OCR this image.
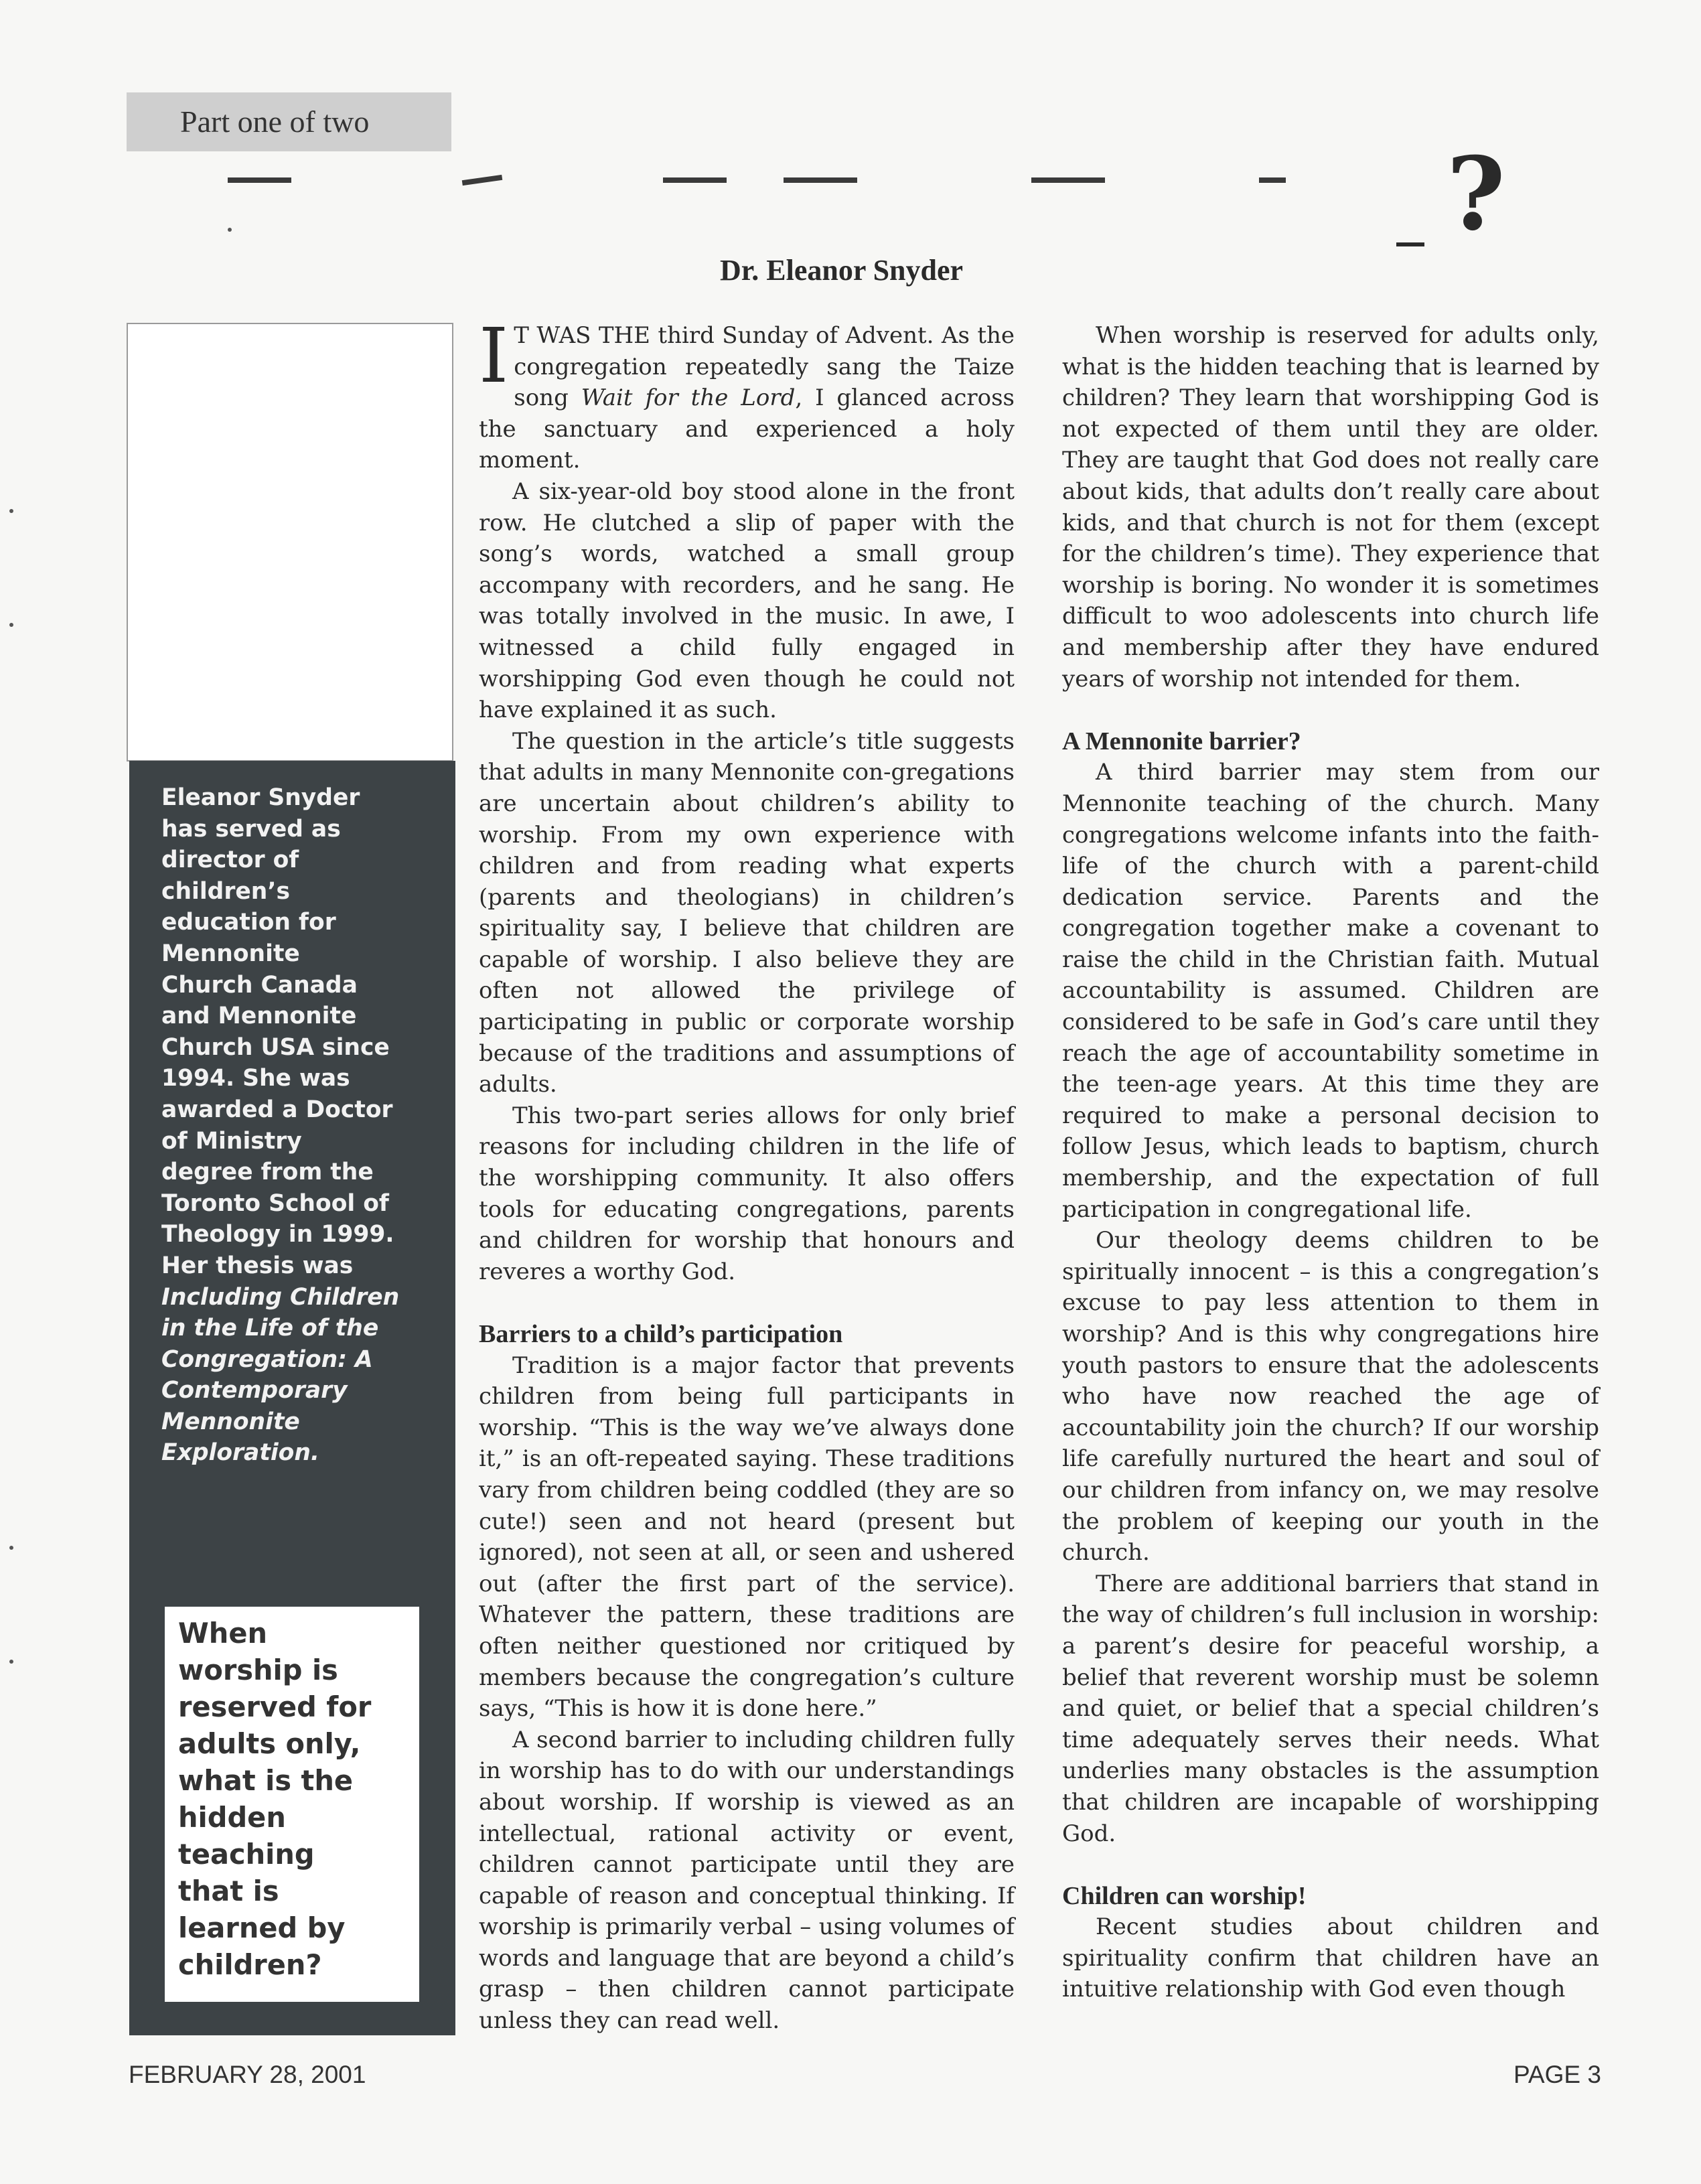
Part one of two
?
Dr. Eleanor Snyder
Eleanor Snyder
has served as
director of
children’s
education for
Mennonite
Church Canada
and Mennonite
Church USA since
1994. She was
awarded a Doctor
of Ministry
degree from the
Toronto School of
Theology in 1999.
Her thesis was
Including Children
in the Life of the
Congregation: A
Contemporary
Mennonite
Exploration.
When
worship is
reserved for
adults only,
what is the
hidden
teaching
that is
learned by
children?

I T WAS THE third Sunday of Advent. As the congregation repeatedly sang the Taize song Wait for the Lord, I glanced across the sanctuary and experienced a holy moment.

A six-year-old boy stood alone in the front row. He clutched a slip of paper with the song’s words, watched a small group accompany with recorders, and he sang. He was totally involved in the music. In awe, I witnessed a child fully engaged in worshipping God even though he could not have explained it as such.

The question in the article’s title suggests that adults in many Mennonite con-gregations are uncertain about children’s ability to worship. From my own experience with children and from reading what experts (parents and theologians) in children’s spirituality say, I believe that children are capable of worship. I also believe they are often not allowed the privilege of participating in public or corporate worship because of the traditions and assumptions of adults.

This two-part series allows for only brief reasons for including children in the life of the worshipping community. It also offers tools for educating congregations, parents and children for worship that honours and reveres a worthy God.

Barriers to a child’s participation

Tradition is a major factor that prevents children from being full participants in worship. “This is the way we’ve always done it,” is an oft-repeated saying. These traditions vary from children being coddled (they are so cute!) seen and not heard (present but ignored), not seen at all, or seen and ushered out (after the first part of the service). Whatever the pattern, these traditions are often neither questioned nor critiqued by members because the congregation’s culture says, “This is how it is done here.”

A second barrier to including children fully in worship has to do with our understandings about worship. If worship is viewed as an intellectual, rational activity or event, children cannot participate until they are capable of reason and conceptual thinking. If worship is primarily verbal – using volumes of words and language that are beyond a child’s grasp – then children cannot participate unless they can read well.

When worship is reserved for adults only, what is the hidden teaching that is learned by children? They learn that worshipping God is not expected of them until they are older. They are taught that God does not really care about kids, that adults don’t really care about kids, and that church is not for them (except for the children’s time). They experience that worship is boring. No wonder it is sometimes difficult to woo adolescents into church life and membership after they have endured years of worship not intended for them.

A Mennonite barrier?

A third barrier may stem from our Mennonite teaching of the church. Many congregations welcome infants into the faith-life of the church with a parent-child dedication service. Parents and the congregation together make a covenant to raise the child in the Christian faith. Mutual accountability is assumed. Children are considered to be safe in God’s care until they reach the age of accountability sometime in the teen-age years. At this time they are required to make a personal decision to follow Jesus, which leads to baptism, church membership, and the expectation of full participation in congregational life.

Our theology deems children to be spiritually innocent – is this a congregation’s excuse to pay less attention to them in worship? And is this why congregations hire youth pastors to ensure that the adolescents who have now reached the age of accountability join the church? If our worship life carefully nurtured the heart and soul of our children from infancy on, we may resolve the problem of keeping our youth in the church.

There are additional barriers that stand in the way of children’s full inclusion in worship: a parent’s desire for peaceful worship, a belief that reverent worship must be solemn and quiet, or belief that a special children’s time adequately serves their needs. What underlies many obstacles is the assumption that children are incapable of worshipping God.

Children can worship!

Recent studies about children and spirituality confirm that children have an intuitive relationship with God even though

FEBRUARY 28, 2001	PAGE 3
